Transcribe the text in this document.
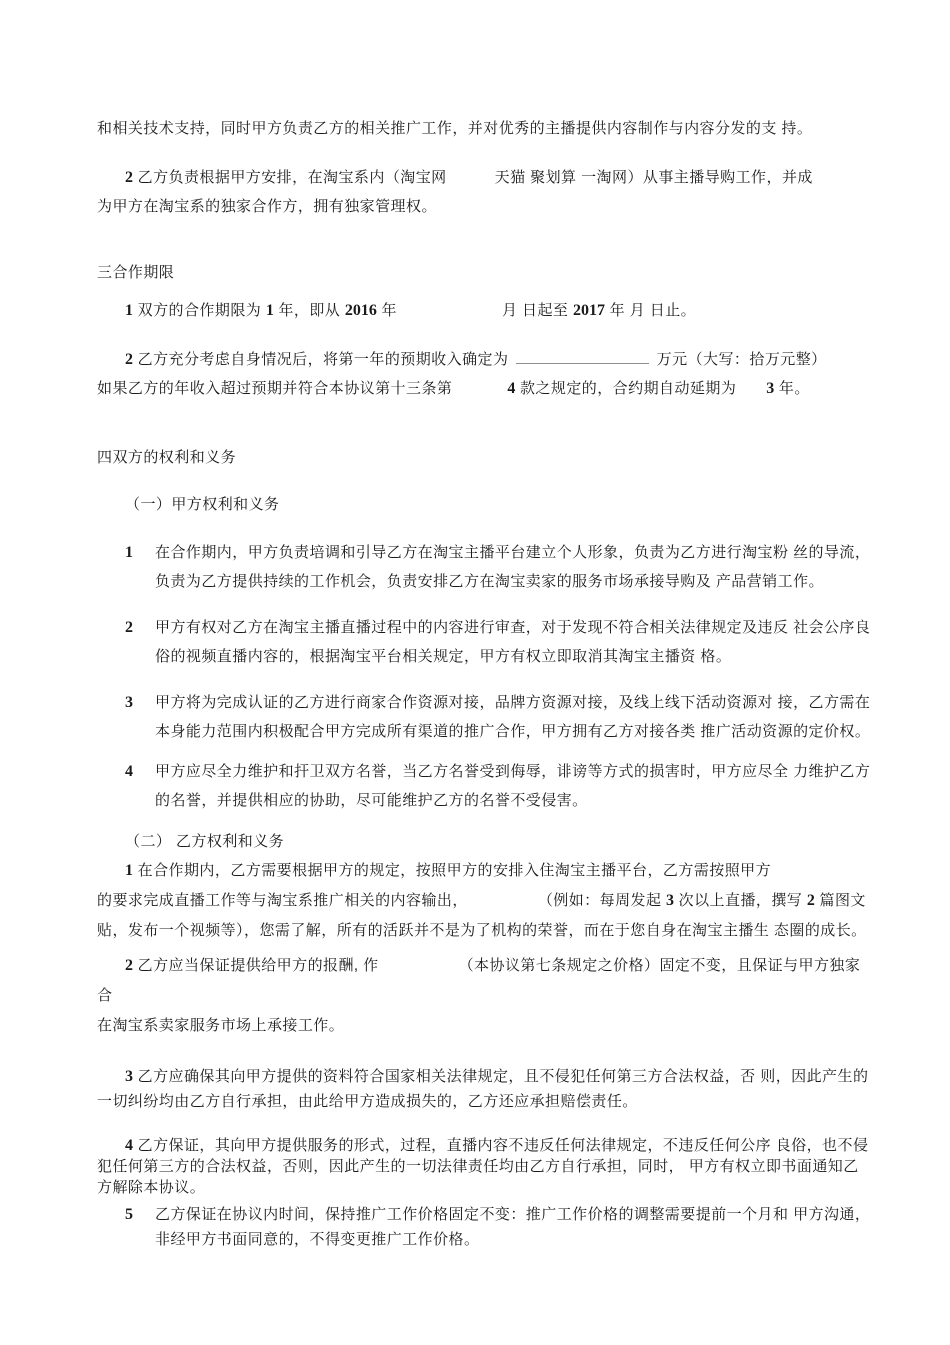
和相关技术支持，同时甲方负责乙方的相关推广工作，并对优秀的主播提供内容制作与内容分发的支 持。
2 乙方负责根据甲方安排，在淘宝系内（淘宝网	天猫 聚划算 一淘网）从事主播导购工作，并成
为甲方在淘宝系的独家合作方，拥有独家管理权。
三合作期限
1 双方的合作期限为 1 年，即从 2016 年	月 日起至 2017 年 月 日止。
2 乙方充分考虑自身情况后，将第一年的预期收入确定为	万元（大写：拾万元整）
如果乙方的年收入超过预期并符合本协议第十三条第	4 款之规定的，合约期自动延期为 3 年。
四双方的权利和义务
（一）甲方权利和义务
1 在合作期内，甲方负责培调和引导乙方在淘宝主播平台建立个人形象，负责为乙方进行淘宝粉 丝的导流，负责为乙方提供持续的工作机会，负责安排乙方在淘宝卖家的服务市场承接导购及 产品营销工作。
2 甲方有权对乙方在淘宝主播直播过程中的内容进行审查，对于发现不符合相关法律规定及违反 社会公序良俗的视频直播内容的，根据淘宝平台相关规定，甲方有权立即取消其淘宝主播资 格。
3 甲方将为完成认证的乙方进行商家合作资源对接，品牌方资源对接，及线上线下活动资源对 接，乙方需在本身能力范围内积极配合甲方完成所有渠道的推广合作，甲方拥有乙方对接各类 推广活动资源的定价权。
4 甲方应尽全力维护和扞卫双方名誉，当乙方名誉受到侮辱，诽谤等方式的损害时，甲方应尽全 力维护乙方的名誉，并提供相应的协助，尽可能维护乙方的名誉不受侵害。
（二） 乙方权利和义务
1 在合作期内，乙方需要根据甲方的规定，按照甲方的安排入住淘宝主播平台，乙方需按照甲方
的要求完成直播工作等与淘宝系推广相关的内容输出，	（例如：每周发起 3 次以上直播，撰写 2 篇图文贴，发布一个视频等），您需了解，所有的活跃并不是为了机构的荣誉，而在于您自身在淘宝主播生 态圈的成长。
2 乙方应当保证提供给甲方的报酬, 作	（本协议第七条规定之价格）固定不变，且保证与甲方独家合
在淘宝系卖家服务市场上承接工作。
3 乙方应确保其向甲方提供的资料符合国家相关法律规定，且不侵犯任何第三方合法权益，否 则，因此产生的一切纠纷均由乙方自行承担，由此给甲方造成损失的，乙方还应承担赔偿责任。
4 乙方保证，其向甲方提供服务的形式，过程，直播内容不违反任何法律规定，不违反任何公序 良俗，也不侵犯任何第三方的合法权益，否则，因此产生的一切法律责任均由乙方自行承担，同时， 甲方有权立即书面通知乙方解除本协议。
5 乙方保证在协议内时间，保持推广工作价格固定不变：推广工作价格的调整需要提前一个月和 甲方沟通，非经甲方书面同意的，不得变更推广工作价格。
